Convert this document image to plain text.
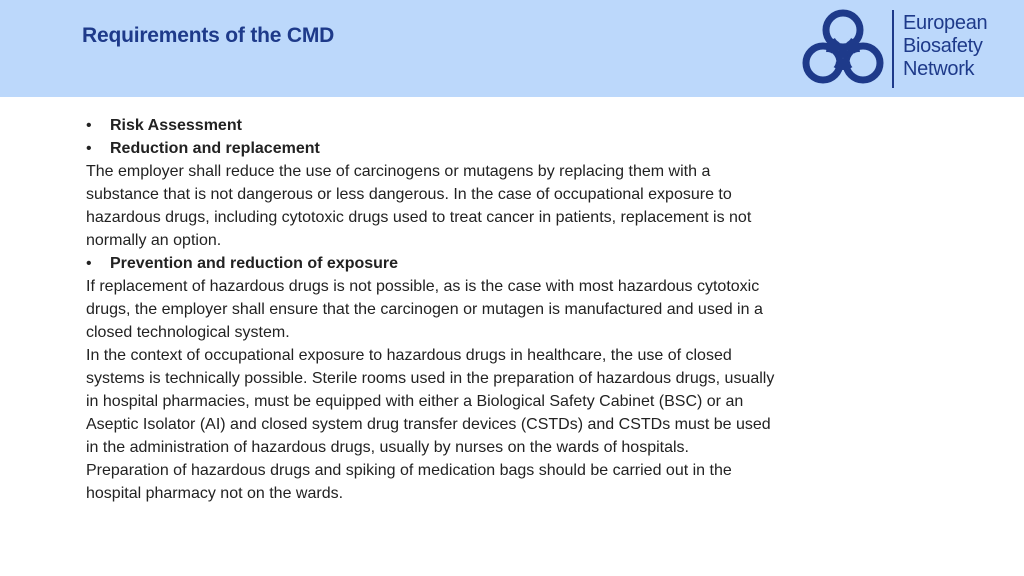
Requirements of the CMD
European
Biosafety
Network
•	Risk Assessment
•	Reduction and replacement

The employer shall reduce the use of carcinogens or mutagens by replacing them with a substance that is not dangerous or less dangerous. In the case of occupational exposure to hazardous drugs, including cytotoxic drugs used to treat cancer in patients, replacement is not normally an option.

•	Prevention and reduction of exposure

If replacement of hazardous drugs is not possible, as is the case with most hazardous cytotoxic drugs, the employer shall ensure that the carcinogen or mutagen is manufactured and used in a closed technological system.

In the context of occupational exposure to hazardous drugs in healthcare, the use of closed systems is technically possible. Sterile rooms used in the preparation of hazardous drugs, usually in hospital pharmacies, must be equipped with either a Biological Safety Cabinet (BSC) or an Aseptic Isolator (AI) and closed system drug transfer devices (CSTDs) and CSTDs must be used in the administration of hazardous drugs, usually by nurses on the wards of hospitals. Preparation of hazardous drugs and spiking of medication bags should be carried out in the hospital pharmacy not on the wards.
